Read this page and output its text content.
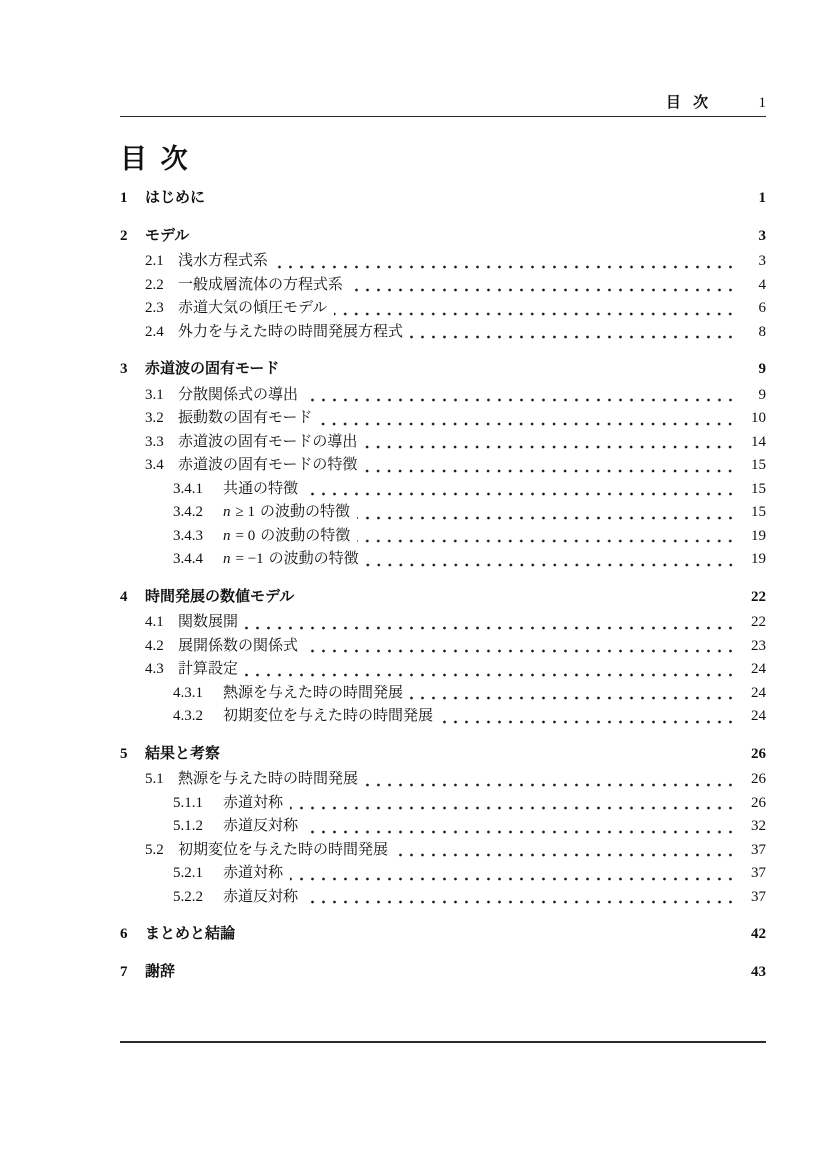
目 次	1
目 次
1	はじめに	1
2	モデル	3
2.1 浅水方程式系	3
2.2 一般成層流体の方程式系	4
2.3 赤道大気の傾圧モデル	6
2.4 外力を与えた時の時間発展方程式	8
3	赤道波の固有モード	9
3.1 分散関係式の導出	9
3.2 振動数の固有モード	10
3.3 赤道波の固有モードの導出	14
3.4 赤道波の固有モードの特徴	15
3.4.1	共通の特徴	15
3.4.2	n ≥ 1 の波動の特徴	15
3.4.3	n = 0 の波動の特徴	19
3.4.4	n = −1 の波動の特徴	19
4	時間発展の数値モデル	22
4.1 関数展開	22
4.2 展開係数の関係式	23
4.3 計算設定	24
4.3.1	熱源を与えた時の時間発展	24
4.3.2	初期変位を与えた時の時間発展	24
5	結果と考察	26
5.1 熱源を与えた時の時間発展	26
5.1.1	赤道対称	26
5.1.2	赤道反対称	32
5.2 初期変位を与えた時の時間発展	37
5.2.1	赤道対称	37
5.2.2	赤道反対称	37
6	まとめと結論	42
7	謝辞	43
